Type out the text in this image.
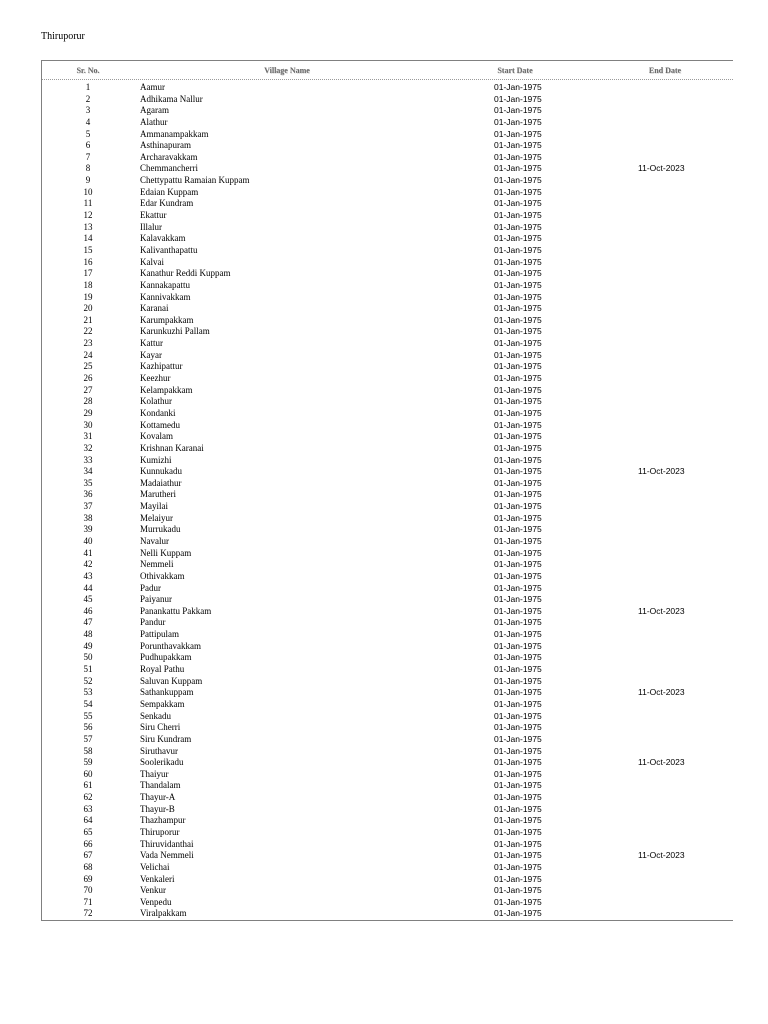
Thiruporur
Sr. No.	Village Name	Start Date	End Date
1	Aamur	01-Jan-1975
2	Adhikama Nallur	01-Jan-1975
3	Agaram	01-Jan-1975
4	Alathur	01-Jan-1975
5	Ammanampakkam	01-Jan-1975
6	Asthinapuram	01-Jan-1975
7	Archaravakkam	01-Jan-1975
8	Chemmancherri	01-Jan-1975	11-Oct-2023
9	Chettypattu Ramaian Kuppam	01-Jan-1975
10	Edaian Kuppam	01-Jan-1975
11	Edar Kundram	01-Jan-1975
12	Ekattur	01-Jan-1975
13	Illalur	01-Jan-1975
14	Kalavakkam	01-Jan-1975
15	Kalivanthapattu	01-Jan-1975
16	Kalvai	01-Jan-1975
17	Kanathur Reddi Kuppam	01-Jan-1975
18	Kannakapattu	01-Jan-1975
19	Kannivakkam	01-Jan-1975
20	Karanai	01-Jan-1975
21	Karumpakkam	01-Jan-1975
22	Karunkuzhi Pallam	01-Jan-1975
23	Kattur	01-Jan-1975
24	Kayar	01-Jan-1975
25	Kazhipattur	01-Jan-1975
26	Keezhur	01-Jan-1975
27	Kelampakkam	01-Jan-1975
28	Kolathur	01-Jan-1975
29	Kondanki	01-Jan-1975
30	Kottamedu	01-Jan-1975
31	Kovalam	01-Jan-1975
32	Krishnan Karanai	01-Jan-1975
33	Kumizhi	01-Jan-1975
34	Kunnukadu	01-Jan-1975	11-Oct-2023
35	Madaiathur	01-Jan-1975
36	Marutheri	01-Jan-1975
37	Mayilai	01-Jan-1975
38	Melaiyur	01-Jan-1975
39	Murrukadu	01-Jan-1975
40	Navalur	01-Jan-1975
41	Nelli Kuppam	01-Jan-1975
42	Nemmeli	01-Jan-1975
43	Othivakkam	01-Jan-1975
44	Padur	01-Jan-1975
45	Paiyanur	01-Jan-1975
46	Panankattu Pakkam	01-Jan-1975	11-Oct-2023
47	Pandur	01-Jan-1975
48	Pattipulam	01-Jan-1975
49	Porunthavakkam	01-Jan-1975
50	Pudhupakkam	01-Jan-1975
51	Royal Pathu	01-Jan-1975
52	Saluvan Kuppam	01-Jan-1975
53	Sathankuppam	01-Jan-1975	11-Oct-2023
54	Sempakkam	01-Jan-1975
55	Senkadu	01-Jan-1975
56	Siru Cherri	01-Jan-1975
57	Siru Kundram	01-Jan-1975
58	Siruthavur	01-Jan-1975
59	Soolerikadu	01-Jan-1975	11-Oct-2023
60	Thaiyur	01-Jan-1975
61	Thandalam	01-Jan-1975
62	Thayur-A	01-Jan-1975
63	Thayur-B	01-Jan-1975
64	Thazhampur	01-Jan-1975
65	Thiruporur	01-Jan-1975
66	Thiruvidanthai	01-Jan-1975
67	Vada Nemmeli	01-Jan-1975	11-Oct-2023
68	Velichai	01-Jan-1975
69	Venkaleri	01-Jan-1975
70	Venkur	01-Jan-1975
71	Venpedu	01-Jan-1975
72	Viralpakkam	01-Jan-1975
